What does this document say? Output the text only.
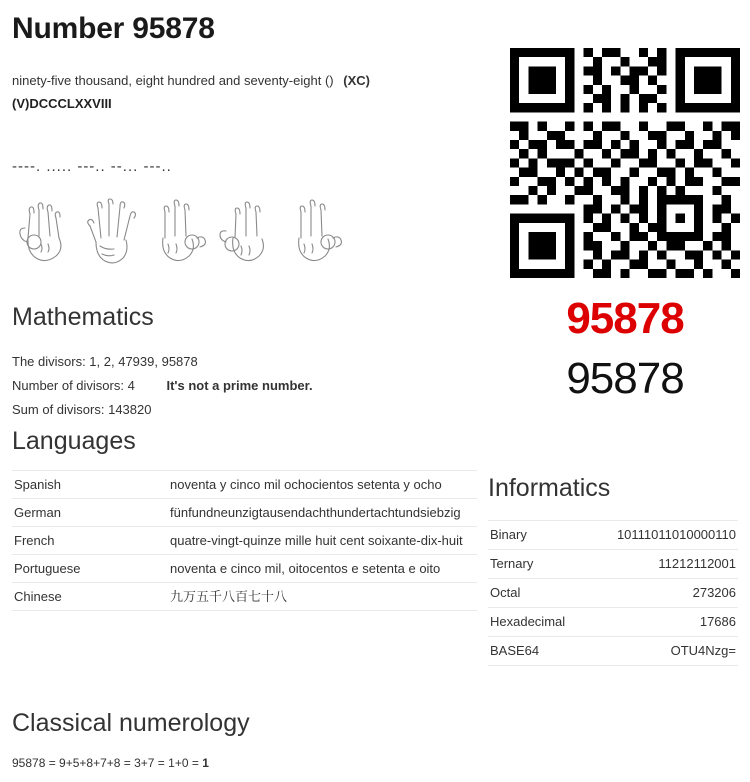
Number 95878
ninety-five thousand, eight hundred and seventy-eight () (XC)
(V)DCCCLXXVIII
----. ..... ---.. --... ---..
Mathematics
The divisors: 1, 2, 47939, 95878
Number of divisors: 4 It's not a prime number.
Sum of divisors: 143820
Languages
Spanish	noventa y cinco mil ochocientos setenta y ocho
German	fünfundneunzigtausendachthundertachtundsiebzig
French	quatre-vingt-quinze mille huit cent soixante-dix-huit
Portuguese	noventa e cinco mil, oitocentos e setenta e oito
Chinese	九万五千八百七十八
Informatics
Binary	10111011010000110
Ternary	11212112001
Octal	273206
Hexadecimal	17686
BASE64	OTU4Nzg=
Classical numerology
95878 = 9+5+8+7+8 = 3+7 = 1+0 = 1
95878
95878
